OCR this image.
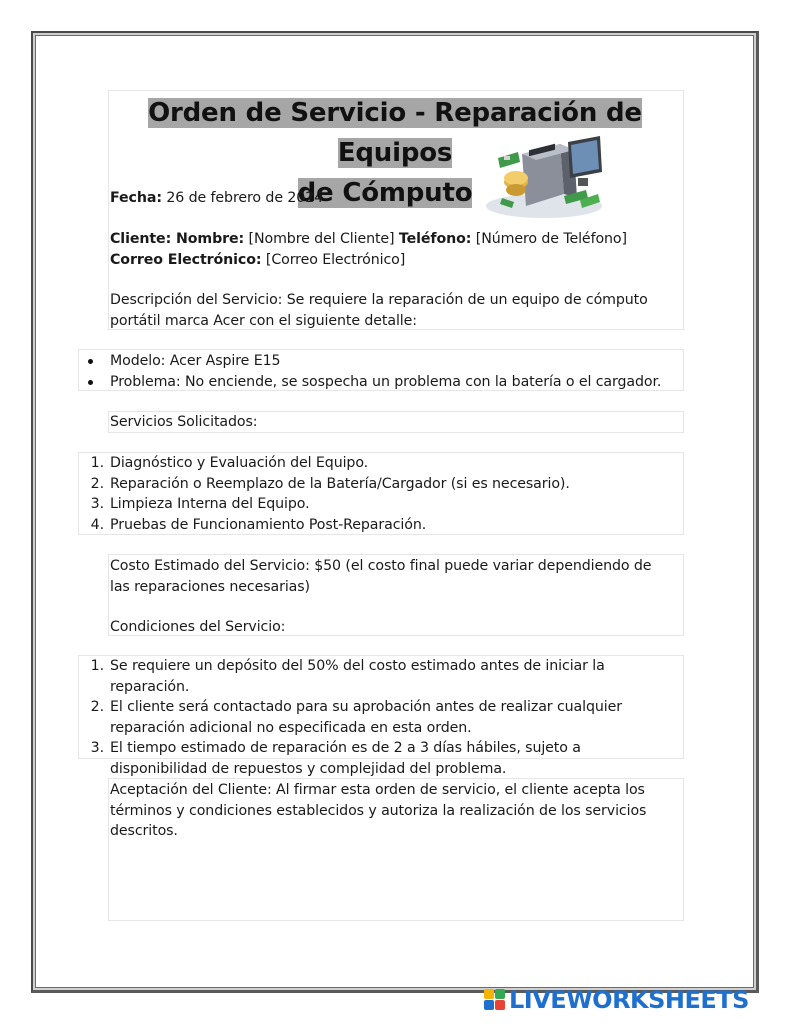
Orden de Servicio - Reparación de Equipos
de Cómputo
Fecha: 26 de febrero de 2024
Cliente: Nombre: [Nombre del Cliente] Teléfono: [Número de Teléfono] Correo Electrónico: [Correo Electrónico]
Descripción del Servicio: Se requiere la reparación de un equipo de cómputo portátil marca Acer con el siguiente detalle:
Modelo: Acer Aspire E15
Problema: No enciende, se sospecha un problema con la batería o el cargador.
Servicios Solicitados:
1. Diagnóstico y Evaluación del Equipo.
2. Reparación o Reemplazo de la Batería/Cargador (si es necesario).
3. Limpieza Interna del Equipo.
4. Pruebas de Funcionamiento Post-Reparación.
Costo Estimado del Servicio: $50 (el costo final puede variar dependiendo de las reparaciones necesarias)
Condiciones del Servicio:
1. Se requiere un depósito del 50% del costo estimado antes de iniciar la reparación.
2. El cliente será contactado para su aprobación antes de realizar cualquier reparación adicional no especificada en esta orden.
3. El tiempo estimado de reparación es de 2 a 3 días hábiles, sujeto a disponibilidad de repuestos y complejidad del problema.
Aceptación del Cliente: Al firmar esta orden de servicio, el cliente acepta los términos y condiciones establecidos y autoriza la realización de los servicios descritos.
LIVEWORKSHEETS
